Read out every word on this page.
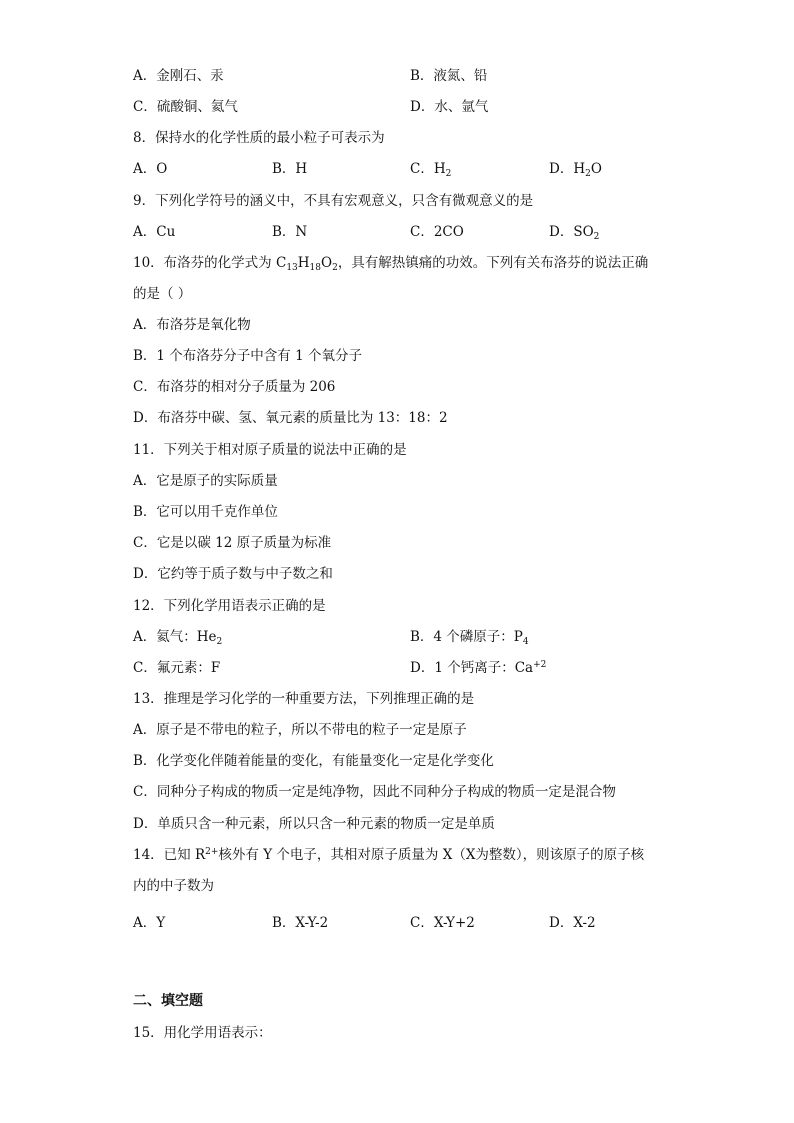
A．金刚石、汞	B．液氮、铅
C．硫酸铜、氦气	D．水、氩气
8．保持水的化学性质的最小粒子可表示为
A．O	B．H	C．$H_2$	D．$H_2O$
9．下列化学符号的涵义中，不具有宏观意义，只含有微观意义的是
A．Cu	B．N	C．2CO	D．$SO_2$
10．布洛芬的化学式为 $C_{13}H_{18}O_2$，具有解热镇痛的功效。下列有关布洛芬的说法正确
的是（ ）
A．布洛芬是氧化物
B．1 个布洛芬分子中含有 1 个氧分子
C．布洛芬的相对分子质量为 206
D．布洛芬中碳、氢、氧元素的质量比为 13：18：2
11．下列关于相对原子质量的说法中正确的是
A．它是原子的实际质量
B．它可以用千克作单位
C．它是以碳 12 原子质量为标准
D．它约等于质子数与中子数之和
12．下列化学用语表示正确的是
A．氦气：$He_2$	B．4 个磷原子：$P_4$
C．氟元素：F	D．1 个钙离子：$Ca^{+2}$
13．推理是学习化学的一种重要方法，下列推理正确的是
A．原子是不带电的粒子，所以不带电的粒子一定是原子
B．化学变化伴随着能量的变化，有能量变化一定是化学变化
C．同种分子构成的物质一定是纯净物，因此不同种分子构成的物质一定是混合物
D．单质只含一种元素，所以只含一种元素的物质一定是单质
14．已知 $R^{2+}$核外有 Y 个电子，其相对原子质量为 X（X为整数），则该原子的原子核
内的中子数为
A．Y	B．X-Y-2	C．X-Y+2	D．X-2
二、填空题
15．用化学用语表示：
